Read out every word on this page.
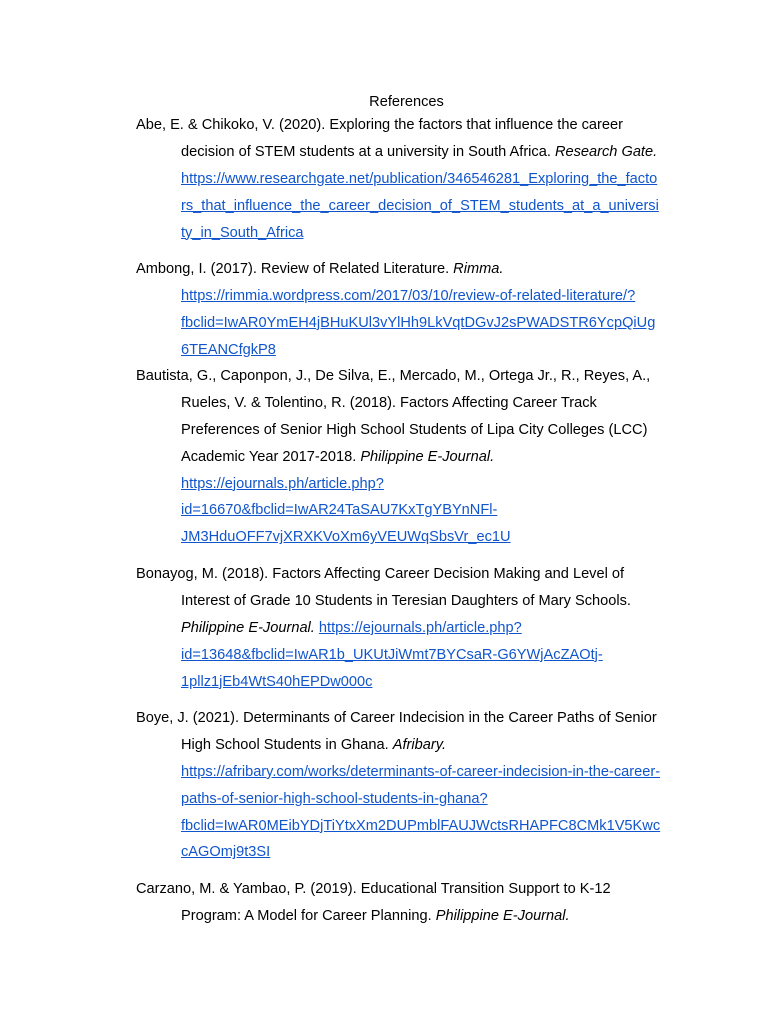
References
Abe, E. & Chikoko, V. (2020). Exploring the factors that influence the career
decision of STEM students at a university in South Africa. Research Gate.
https://www.researchgate.net/publication/346546281_Exploring_the_facto
rs_that_influence_the_career_decision_of_STEM_students_at_a_universi
ty_in_South_Africa
Ambong, I. (2017). Review of Related Literature. Rimma.
https://rimmia.wordpress.com/2017/03/10/review-of-related-literature/?
fbclid=IwAR0YmEH4jBHuKUl3vYlHh9LkVqtDGvJ2sPWADSTR6YcpQiUg
6TEANCfgkP8
Bautista, G., Caponpon, J., De Silva, E., Mercado, M., Ortega Jr., R., Reyes, A.,
Rueles, V. & Tolentino, R. (2018). Factors Affecting Career Track
Preferences of Senior High School Students of Lipa City Colleges (LCC)
Academic Year 2017-2018. Philippine E-Journal.
https://ejournals.ph/article.php?
id=16670&fbclid=IwAR24TaSAU7KxTgYBYnNFl-
JM3HduOFF7vjXRXKVoXm6yVEUWqSbsVr_ec1U
Bonayog, M. (2018). Factors Affecting Career Decision Making and Level of
Interest of Grade 10 Students in Teresian Daughters of Mary Schools.
Philippine E-Journal. https://ejournals.ph/article.php?
id=13648&fbclid=IwAR1b_UKUtJiWmt7BYCsaR-G6YWjAcZAOtj-
1pllz1jEb4WtS40hEPDw000c
Boye, J. (2021). Determinants of Career Indecision in the Career Paths of Senior
High School Students in Ghana. Afribary.
https://afribary.com/works/determinants-of-career-indecision-in-the-career-
paths-of-senior-high-school-students-in-ghana?
fbclid=IwAR0MEibYDjTiYtxXm2DUPmblFAUJWctsRHAPFC8CMk1V5Kwc
cAGOmj9t3SI
Carzano, M. & Yambao, P. (2019). Educational Transition Support to K-12
Program: A Model for Career Planning. Philippine E-Journal.
